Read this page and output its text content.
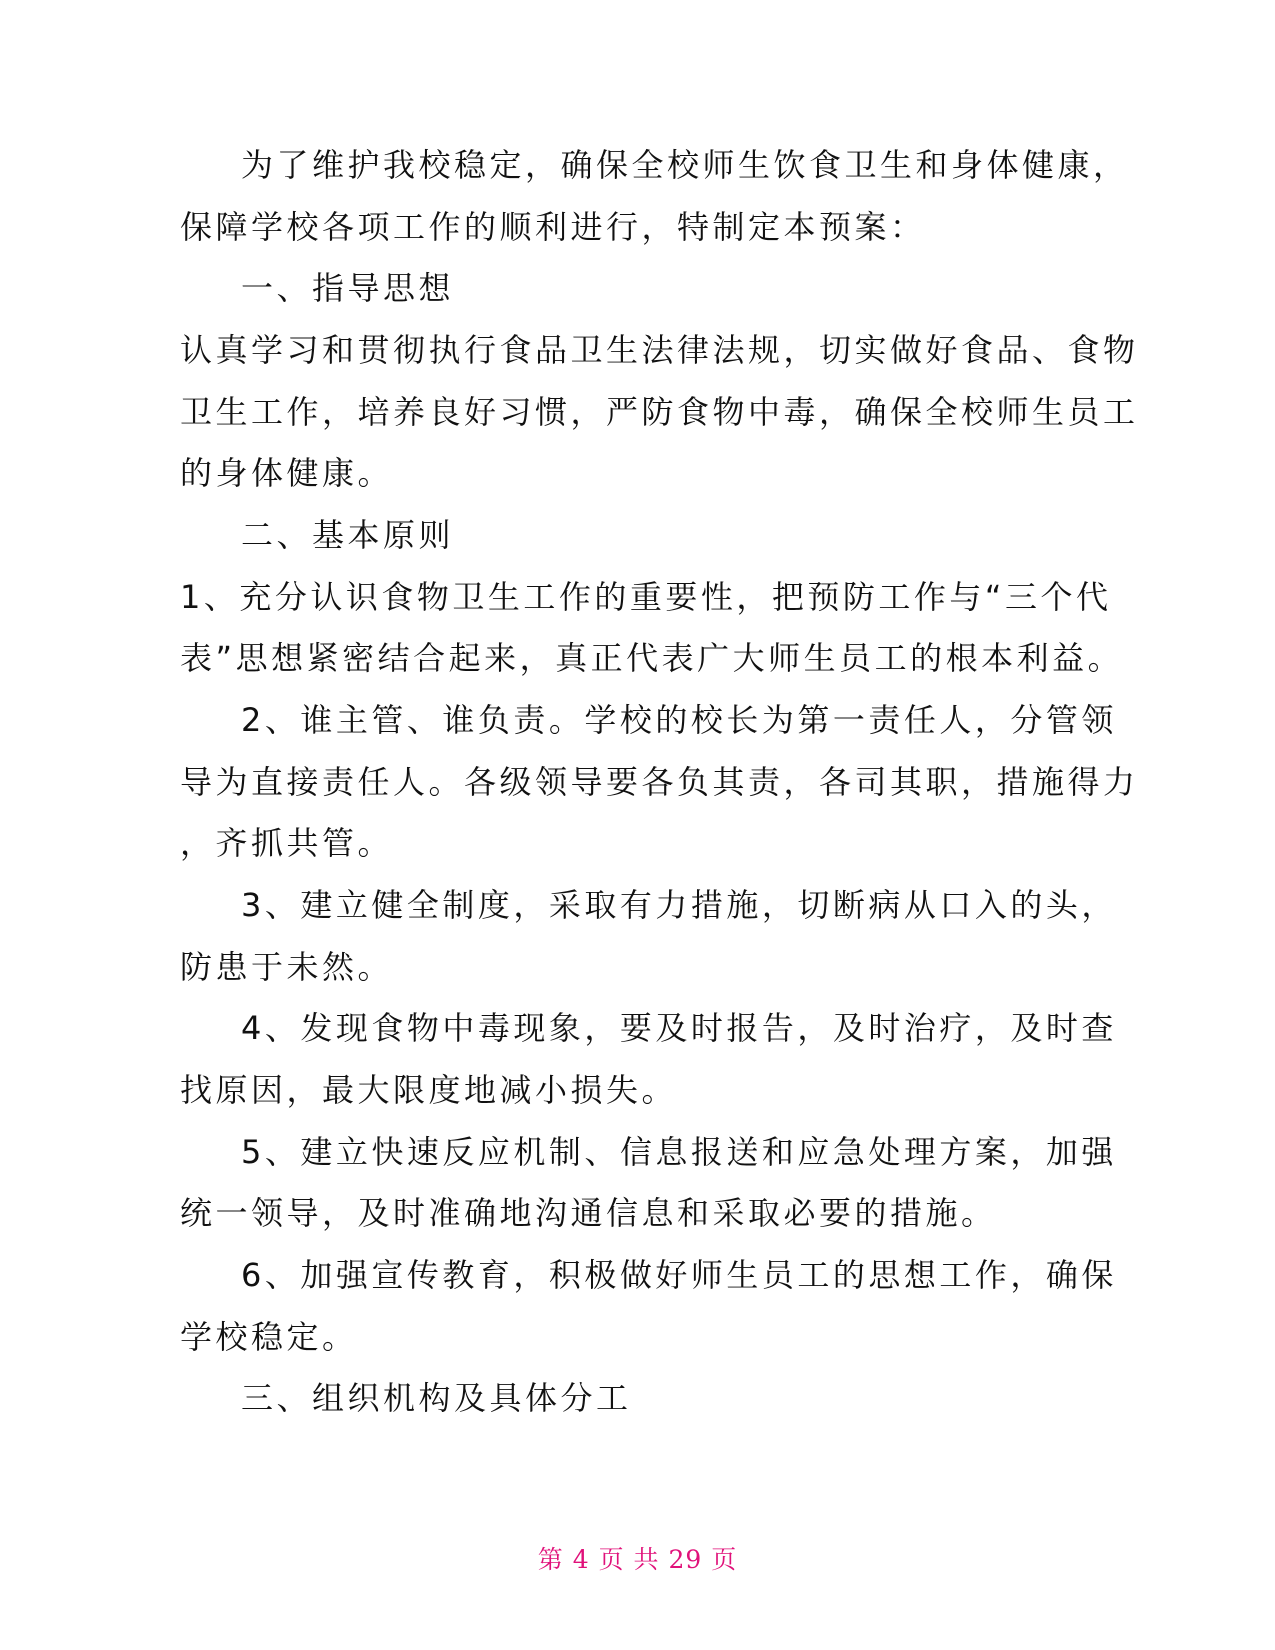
为了维护我校稳定，确保全校师生饮食卫生和身体健康，
保障学校各项工作的顺利进行，特制定本预案：
一、指导思想
认真学习和贯彻执行食品卫生法律法规，切实做好食品、食物
卫生工作，培养良好习惯，严防食物中毒，确保全校师生员工
的身体健康。
二、基本原则
1、充分认识食物卫生工作的重要性，把预防工作与“三个代
表”思想紧密结合起来，真正代表广大师生员工的根本利益。
2、谁主管、谁负责。学校的校长为第一责任人，分管领
导为直接责任人。各级领导要各负其责，各司其职，措施得力
，齐抓共管。
3、建立健全制度，采取有力措施，切断病从口入的头，
防患于未然。
4、发现食物中毒现象，要及时报告，及时治疗，及时查
找原因，最大限度地减小损失。
5、建立快速反应机制、信息报送和应急处理方案，加强
统一领导，及时准确地沟通信息和采取必要的措施。
6、加强宣传教育，积极做好师生员工的思想工作，确保
学校稳定。
三、组织机构及具体分工
第 4 页 共 29 页
